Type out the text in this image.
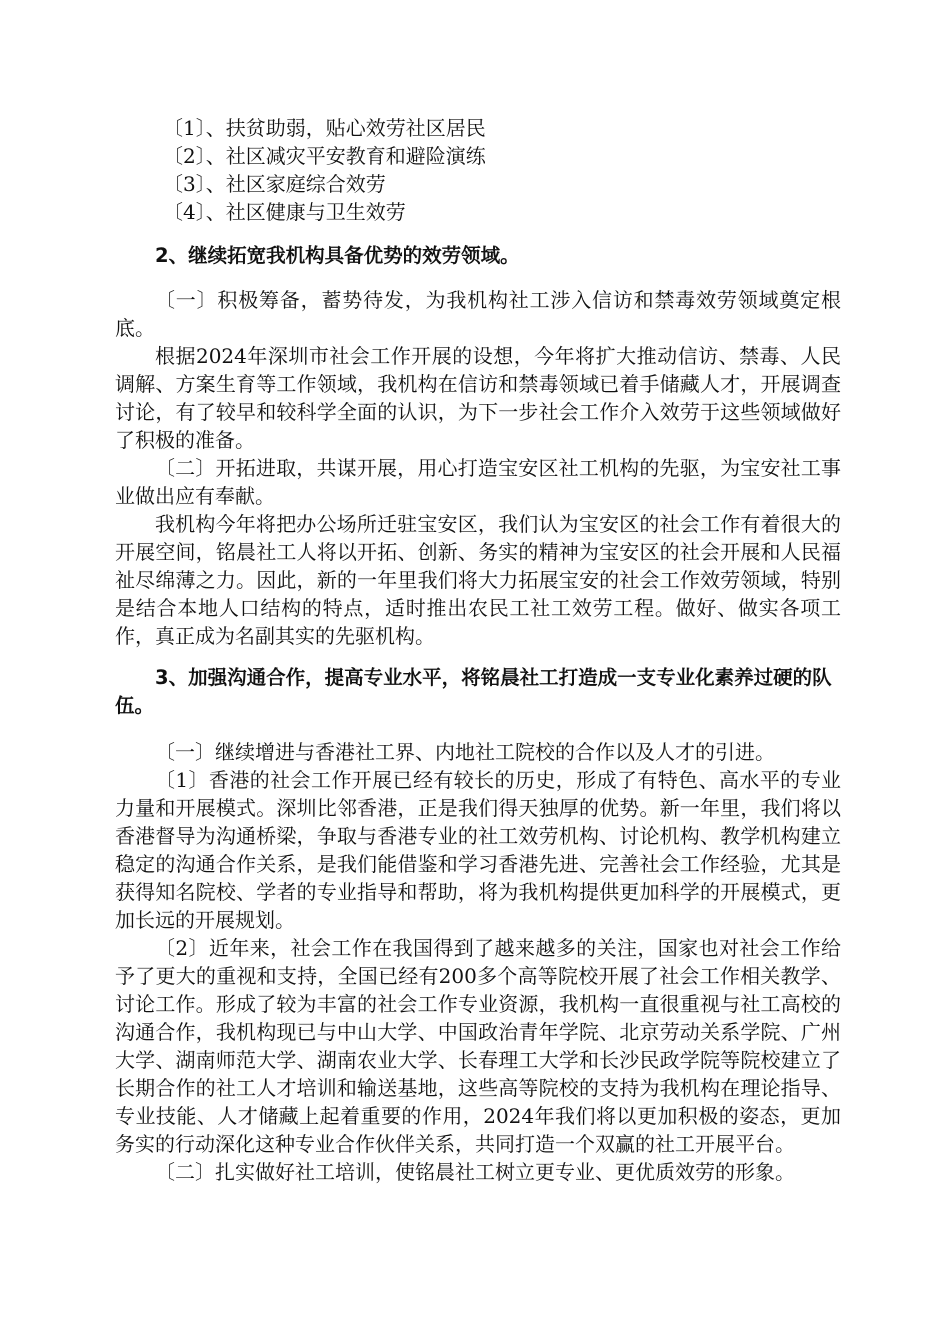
〔1〕、扶贫助弱，贴心效劳社区居民

〔2〕、社区减灾平安教育和避险演练

〔3〕、社区家庭综合效劳

〔4〕、社区健康与卫生效劳

2、继续拓宽我机构具备优势的效劳领域。

〔一〕积极筹备，蓄势待发，为我机构社工涉入信访和禁毒效劳领域奠定根底。

根据2024年深圳市社会工作开展的设想，今年将扩大推动信访、禁毒、人民调解、方案生育等工作领域，我机构在信访和禁毒领域已着手储藏人才，开展调查讨论，有了较早和较科学全面的认识，为下一步社会工作介入效劳于这些领域做好了积极的准备。

〔二〕开拓进取，共谋开展，用心打造宝安区社工机构的先驱，为宝安社工事业做出应有奉献。

我机构今年将把办公场所迁驻宝安区，我们认为宝安区的社会工作有着很大的开展空间，铭晨社工人将以开拓、创新、务实的精神为宝安区的社会开展和人民福祉尽绵薄之力。因此，新的一年里我们将大力拓展宝安的社会工作效劳领域，特别是结合本地人口结构的特点，适时推出农民工社工效劳工程。做好、做实各项工作，真正成为名副其实的先驱机构。

3、加强沟通合作，提高专业水平，将铭晨社工打造成一支专业化素养过硬的队伍。

〔一〕继续增进与香港社工界、内地社工院校的合作以及人才的引进。

〔1〕香港的社会工作开展已经有较长的历史，形成了有特色、高水平的专业力量和开展模式。深圳比邻香港，正是我们得天独厚的优势。新一年里，我们将以香港督导为沟通桥梁，争取与香港专业的社工效劳机构、讨论机构、教学机构建立稳定的沟通合作关系，是我们能借鉴和学习香港先进、完善社会工作经验，尤其是获得知名院校、学者的专业指导和帮助，将为我机构提供更加科学的开展模式，更加长远的开展规划。

〔2〕近年来，社会工作在我国得到了越来越多的关注，国家也对社会工作给予了更大的重视和支持，全国已经有200多个高等院校开展了社会工作相关教学、讨论工作。形成了较为丰富的社会工作专业资源，我机构一直很重视与社工高校的沟通合作，我机构现已与中山大学、中国政治青年学院、北京劳动关系学院、广州大学、湖南师范大学、湖南农业大学、长春理工大学和长沙民政学院等院校建立了长期合作的社工人才培训和输送基地，这些高等院校的支持为我机构在理论指导、专业技能、人才储藏上起着重要的作用，2024年我们将以更加积极的姿态，更加务实的行动深化这种专业合作伙伴关系，共同打造一个双赢的社工开展平台。

〔二〕扎实做好社工培训，使铭晨社工树立更专业、更优质效劳的形象。
